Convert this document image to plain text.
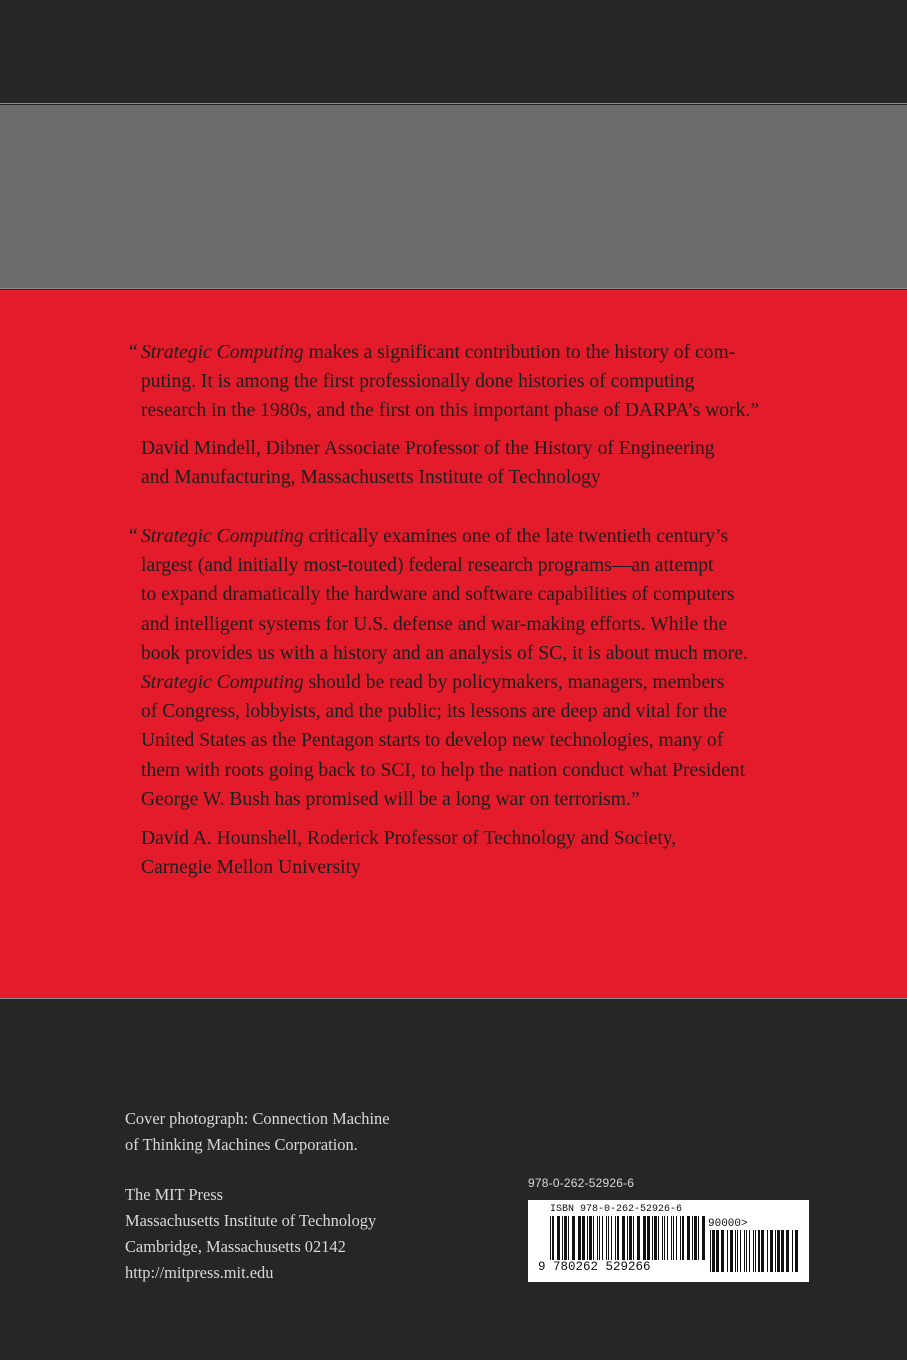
“ Strategic Computing makes a significant contribution to the history of com-
puting. It is among the first professionally done histories of computing
research in the 1980s, and the first on this important phase of DARPA’s work.”
David Mindell, Dibner Associate Professor of the History of Engineering
and Manufacturing, Massachusetts Institute of Technology
“ Strategic Computing critically examines one of the late twentieth century’s
largest (and initially most-touted) federal research programs—an attempt
to expand dramatically the hardware and software capabilities of computers
and intelligent systems for U.S. defense and war-making efforts. While the
book provides us with a history and an analysis of SC, it is about much more.
Strategic Computing should be read by policymakers, managers, members
of Congress, lobbyists, and the public; its lessons are deep and vital for the
United States as the Pentagon starts to develop new technologies, many of
them with roots going back to SCI, to help the nation conduct what President
George W. Bush has promised will be a long war on terrorism.”
David A. Hounshell, Roderick Professor of Technology and Society,
Carnegie Mellon University
Cover photograph: Connection Machine
of Thinking Machines Corporation.
The MIT Press
Massachusetts Institute of Technology
Cambridge, Massachusetts 02142
http://mitpress.mit.edu
978-0-262-52926-6
ISBN 978-0-262-52926-6
90000>
9 780262 529266
